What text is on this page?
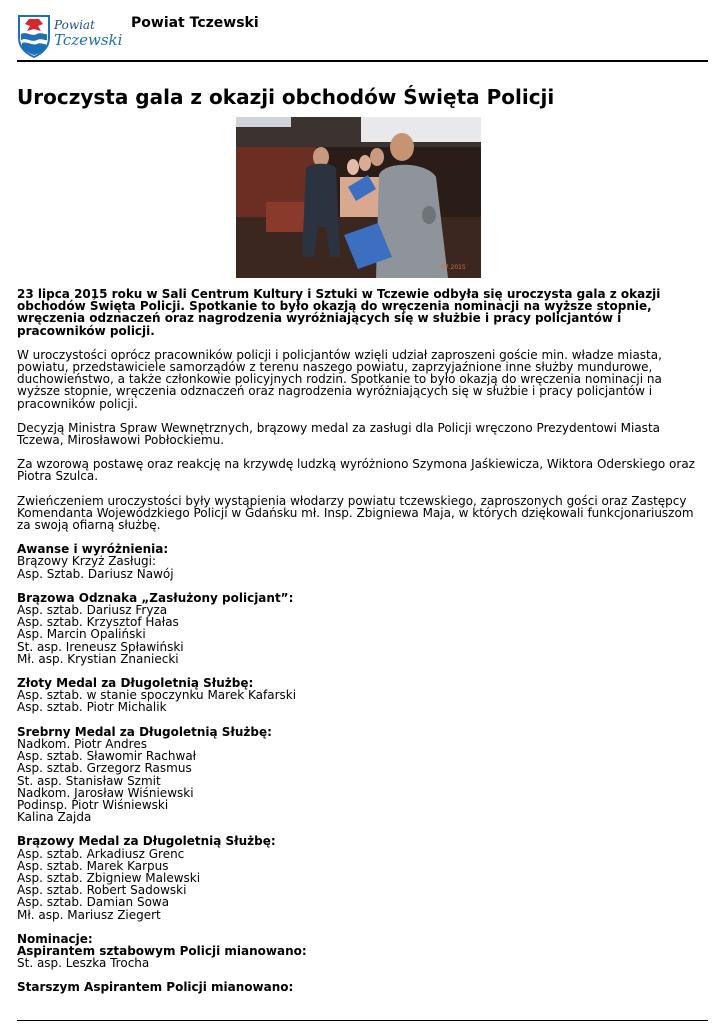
Powiat
Tczewski
Powiat Tczewski
Uroczysta gala z okazji obchodów Święta Policji
07.2015

23 lipca 2015 roku w Sali Centrum Kultury i Sztuki w Tczewie odbyła się uroczysta gala z okazji obchodów Święta Policji. Spotkanie to było okazją do wręczenia nominacji na wyższe stopnie, wręczenia odznaczeń oraz nagrodzenia wyróżniających się w służbie i pracy policjantów i pracowników policji.

W uroczystości oprócz pracowników policji i policjantów wzięli udział zaproszeni goście min. władze miasta, powiatu, przedstawiciele samorządów z terenu naszego powiatu, zaprzyjaźnione inne służby mundurowe, duchowieństwo, a także członkowie policyjnych rodzin. Spotkanie to było okazją do wręczenia nominacji na wyższe stopnie, wręczenia odznaczeń oraz nagrodzenia wyróżniających się w służbie i pracy policjantów i pracowników policji.

Decyzją Ministra Spraw Wewnętrznych, brązowy medal za zasługi dla Policji wręczono Prezydentowi Miasta Tczewa, Mirosławowi Pobłockiemu.

Za wzorową postawę oraz reakcję na krzywdę ludzką wyróżniono Szymona Jaśkiewicza, Wiktora Oderskiego oraz Piotra Szulca.

Zwieńczeniem uroczystości były wystąpienia włodarzy powiatu tczewskiego, zaproszonych gości oraz Zastępcy Komendanta Wojewódzkiego Policji w Gdańsku mł. Insp. Zbigniewa Maja, w których dziękowali funkcjonariuszom za swoją ofiarną służbę.

Awanse i wyróżnienia:
Brązowy Krzyż Zasługi:
Asp. Sztab. Dariusz Nawój
Brązowa Odznaka „Zasłużony policjant”:
Asp. sztab. Dariusz Fryza
Asp. sztab. Krzysztof Hałas
Asp. Marcin Opaliński
St. asp. Ireneusz Spławiński
Mł. asp. Krystian Znaniecki
Złoty Medal za Długoletnią Służbę:
Asp. sztab. w stanie spoczynku Marek Kafarski
Asp. sztab. Piotr Michalik
Srebrny Medal za Długoletnią Służbę:
Nadkom. Piotr Andres
Asp. sztab. Sławomir Rachwał
Asp. sztab. Grzegorz Rasmus
St. asp. Stanisław Szmit
Nadkom. Jarosław Wiśniewski
Podinsp. Piotr Wiśniewski
Kalina Zajda
Brązowy Medal za Długoletnią Służbę:
Asp. sztab. Arkadiusz Grenc
Asp. sztab. Marek Karpus
Asp. sztab. Zbigniew Malewski
Asp. sztab. Robert Sadowski
Asp. sztab. Damian Sowa
Mł. asp. Mariusz Ziegert
Nominacje:
Aspirantem sztabowym Policji mianowano:
St. asp. Leszka Trocha
Starszym Aspirantem Policji mianowano:
